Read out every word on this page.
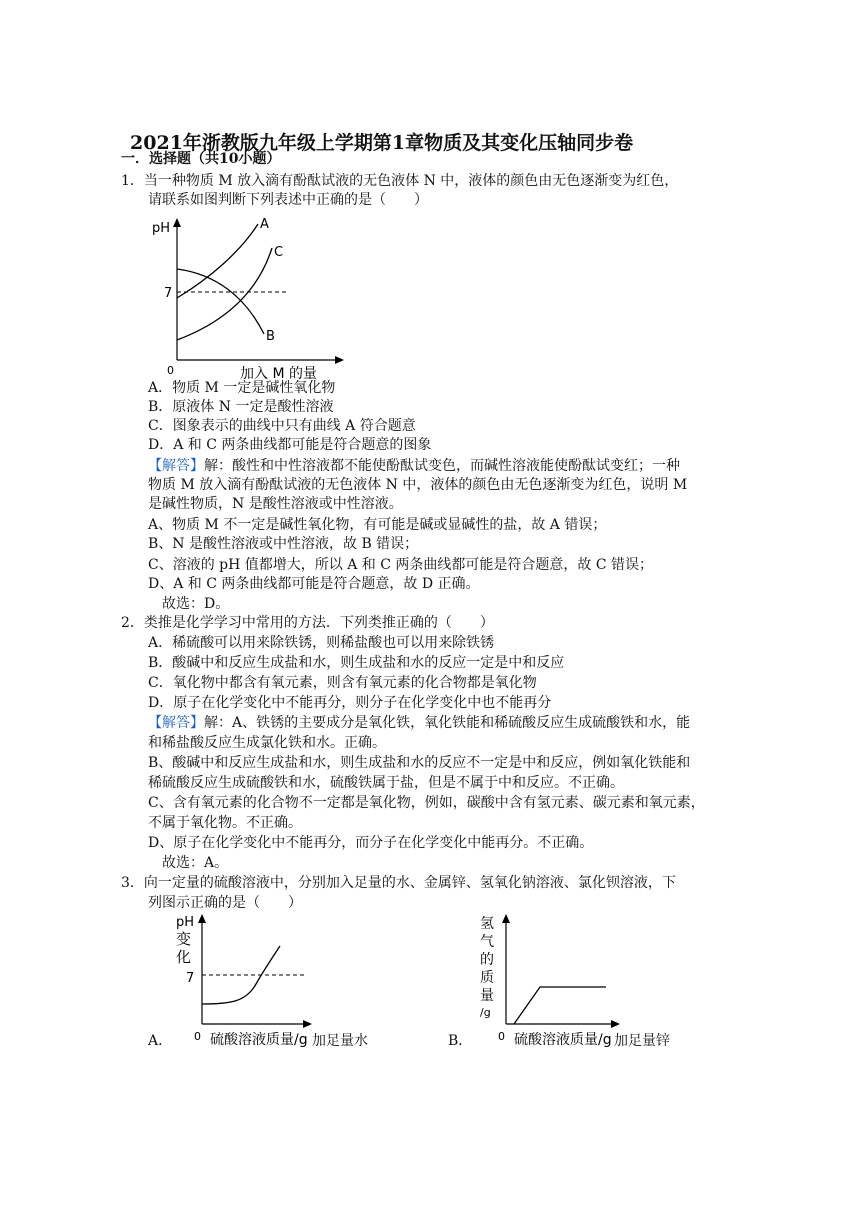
2021年浙教版九年级上学期第1章物质及其变化压轴同步卷
一．选择题（共10小题）
1．当一种物质 M 放入滴有酚酞试液的无色液体 N 中，液体的颜色由无色逐渐变为红色，
请联系如图判断下列表述中正确的是（　　）
pH
7
0
A
B
C
加入 M 的量
A．物质 M 一定是碱性氧化物
B．原液体 N 一定是酸性溶液
C．图象表示的曲线中只有曲线 A 符合题意
D．A 和 C 两条曲线都可能是符合题意的图象
【解答】解：酸性和中性溶液都不能使酚酞试变色，而碱性溶液能使酚酞试变红；一种
物质 M 放入滴有酚酞试液的无色液体 N 中，液体的颜色由无色逐渐变为红色，说明 M
是碱性物质，N 是酸性溶液或中性溶液。
A、物质 M 不一定是碱性氧化物，有可能是碱或显碱性的盐，故 A 错误；
B、N 是酸性溶液或中性溶液，故 B 错误；
C、溶液的 pH 值都增大，所以 A 和 C 两条曲线都可能是符合题意，故 C 错误；
D、A 和 C 两条曲线都可能是符合题意，故 D 正确。
故选：D。
2．类推是化学学习中常用的方法．下列类推正确的（　　）
A．稀硫酸可以用来除铁锈，则稀盐酸也可以用来除铁锈
B．酸碱中和反应生成盐和水，则生成盐和水的反应一定是中和反应
C．氧化物中都含有氧元素，则含有氧元素的化合物都是氧化物
D．原子在化学变化中不能再分，则分子在化学变化中也不能再分
【解答】解：A、铁锈的主要成分是氧化铁，氧化铁能和稀硫酸反应生成硫酸铁和水，能
和稀盐酸反应生成氯化铁和水。正确。
B、酸碱中和反应生成盐和水，则生成盐和水的反应不一定是中和反应，例如氧化铁能和
稀硫酸反应生成硫酸铁和水，硫酸铁属于盐，但是不属于中和反应。不正确。
C、含有氧元素的化合物不一定都是氧化物，例如，碳酸中含有氢元素、碳元素和氧元素，
不属于氧化物。不正确。
D、原子在化学变化中不能再分，而分子在化学变化中能再分。不正确。
故选：A。
3．向一定量的硫酸溶液中，分别加入足量的水、金属锌、氢氧化钠溶液、氯化钡溶液，下
列图示正确的是（　　）
pH
变
化
7
0 硫酸溶液质量/g
A．	加足量水
氢
气
的
质
量
/g
0 硫酸溶液质量/g
B．	加足量锌
